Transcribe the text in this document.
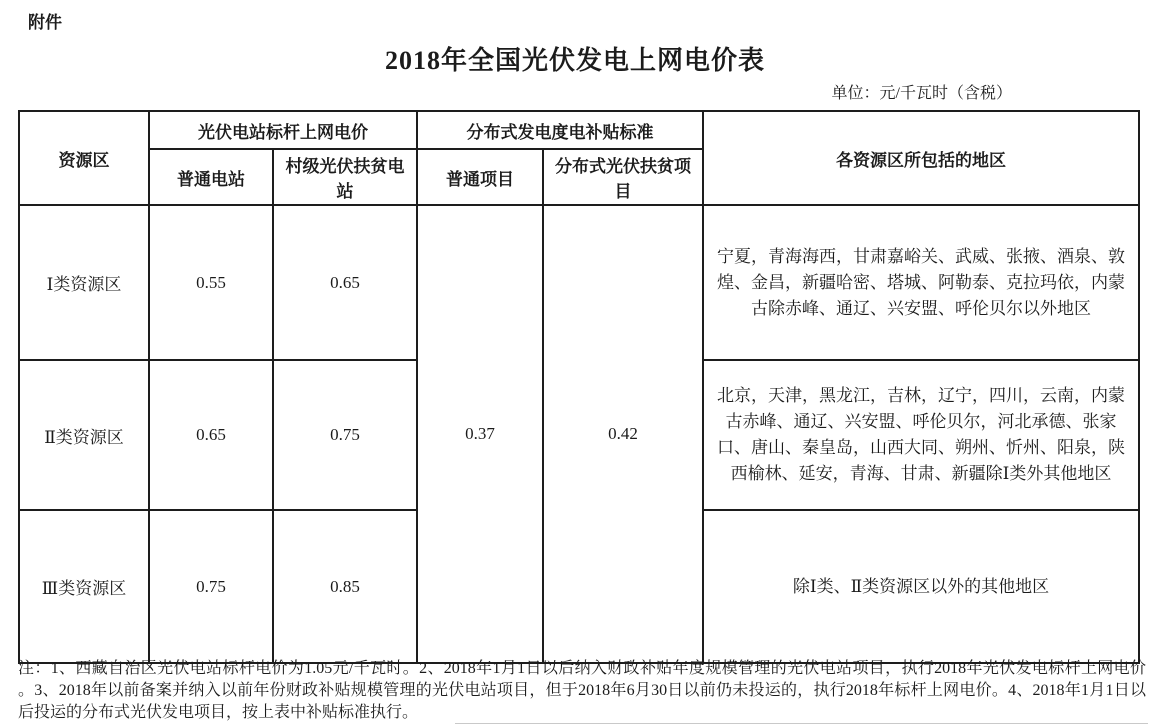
附件
2018年全国光伏发电上网电价表
单位：元/千瓦时（含税）
资源区	光伏电站标杆上网电价		分布式发电度电补贴标准		各资源区所包括的地区
	普通电站	村级光伏扶贫电站	普通项目	分布式光伏扶贫项目	
Ⅰ类资源区	0.55	0.65	0.37	0.42	宁夏，青海海西，甘肃嘉峪关、武威、张掖、酒泉、敦煌、金昌，新疆哈密、塔城、阿勒泰、克拉玛依，内蒙古除赤峰、通辽、兴安盟、呼伦贝尔以外地区
Ⅱ类资源区	0.65	0.75			北京，天津，黑龙江，吉林，辽宁，四川，云南，内蒙古赤峰、通辽、兴安盟、呼伦贝尔，河北承德、张家口、唐山、秦皇岛，山西大同、朔州、忻州、阳泉，陕西榆林、延安，青海、甘肃、新疆除Ⅰ类外其他地区
Ⅲ类资源区	0.75	0.85			除Ⅰ类、Ⅱ类资源区以外的其他地区
注：1、西藏自治区光伏电站标杆电价为1.05元/千瓦时。2、2018年1月1日以后纳入财政补贴年度规模管理的光伏电站项目，执行2018年光伏发电标杆上网电价
。3、2018年以前备案并纳入以前年份财政补贴规模管理的光伏电站项目，但于2018年6月30日以前仍未投运的，执行2018年标杆上网电价。4、2018年1月1日以
后投运的分布式光伏发电项目，按上表中补贴标准执行。
